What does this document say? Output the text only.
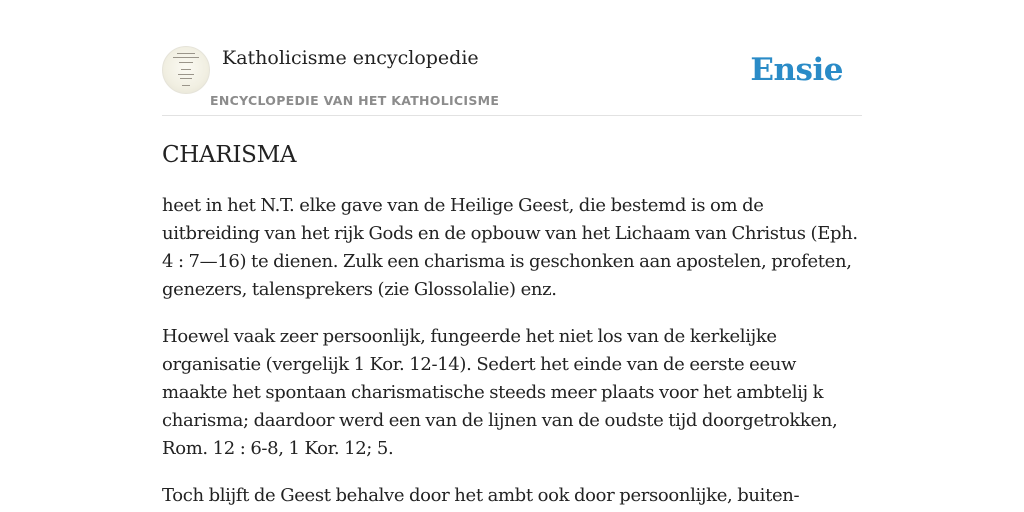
Katholicisme encyclopedie
ENCYCLOPEDIE VAN HET KATHOLICISME
Ensie
CHARISMA

heet in het N.T. elke gave van de Heilige Geest, die bestemd is om de uitbreiding van het rijk Gods en de opbouw van het Lichaam van Christus (Eph. 4 : 7—16) te dienen. Zulk een charisma is geschonken aan apostelen, profeten, genezers, talensprekers (zie Glossolalie) enz.

Hoewel vaak zeer persoonlijk, fungeerde het niet los van de kerkelijke organisatie (vergelijk 1 Kor. 12-14). Sedert het einde van de eerste eeuw maakte het spontaan charismatische steeds meer plaats voor het ambtelij k charisma; daardoor werd een van de lijnen van de oudste tijd doorgetrokken, Rom. 12 : 6-8, 1 Kor. 12; 5.

Toch blijft de Geest behalve door het ambt ook door persoonlijke, buiten-
